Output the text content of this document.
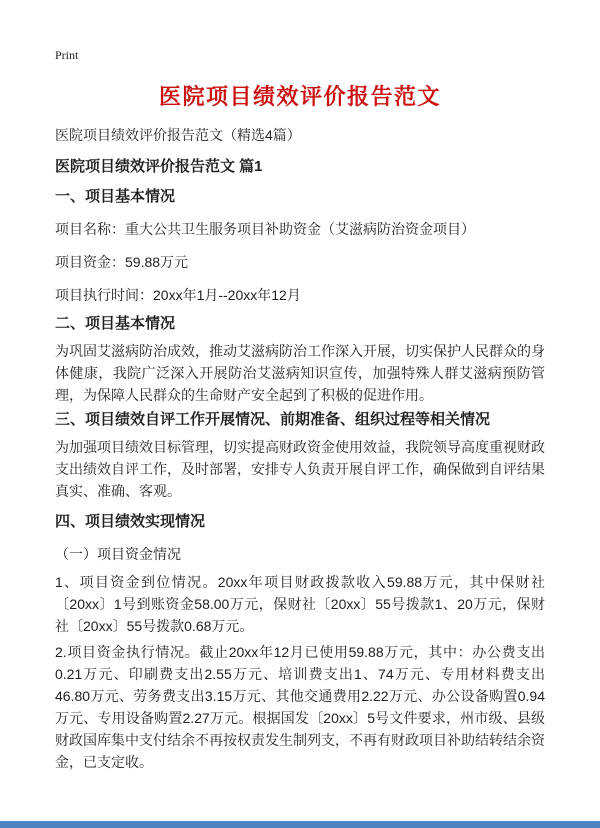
Print
医院项目绩效评价报告范文

医院项目绩效评价报告范文（精选4篇）

医院项目绩效评价报告范文 篇1
一、项目基本情况

项目名称：重大公共卫生服务项目补助资金（艾滋病防治资金项目）

项目资金：59.88万元

项目执行时间：20xx年1月--20xx年12月

二、项目基本情况

为巩固艾滋病防治成效，推动艾滋病防治工作深入开展，切实保护人民群众的身体健康，我院广泛深入开展防治艾滋病知识宣传，加强特殊人群艾滋病预防管理，为保障人民群众的生命财产安全起到了积极的促进作用。

三、项目绩效自评工作开展情况、前期准备、组织过程等相关情况

为加强项目绩效目标管理，切实提高财政资金使用效益，我院领导高度重视财政支出绩效自评工作，及时部署，安排专人负责开展自评工作，确保做到自评结果真实、准确、客观。

四、项目绩效实现情况

（一）项目资金情况

1、项目资金到位情况。20xx年项目财政拨款收入59.88万元，其中保财社〔20xx〕1号到账资金58.00万元，保财社〔20xx〕55号拨款1、20万元，保财社〔20xx〕55号拨款0.68万元。

2.项目资金执行情况。截止20xx年12月已使用59.88万元，其中：办公费支出0.21万元、印刷费支出2.55万元、培训费支出1、74万元、专用材料费支出46.80万元、劳务费支出3.15万元、其他交通费用2.22万元、办公设备购置0.94万元、专用设备购置2.27万元。根据国发〔20xx〕5号文件要求，州市级、县级财政国库集中支付结余不再按权责发生制列支，不再有财政项目补助结转结余资金，已支定收。
